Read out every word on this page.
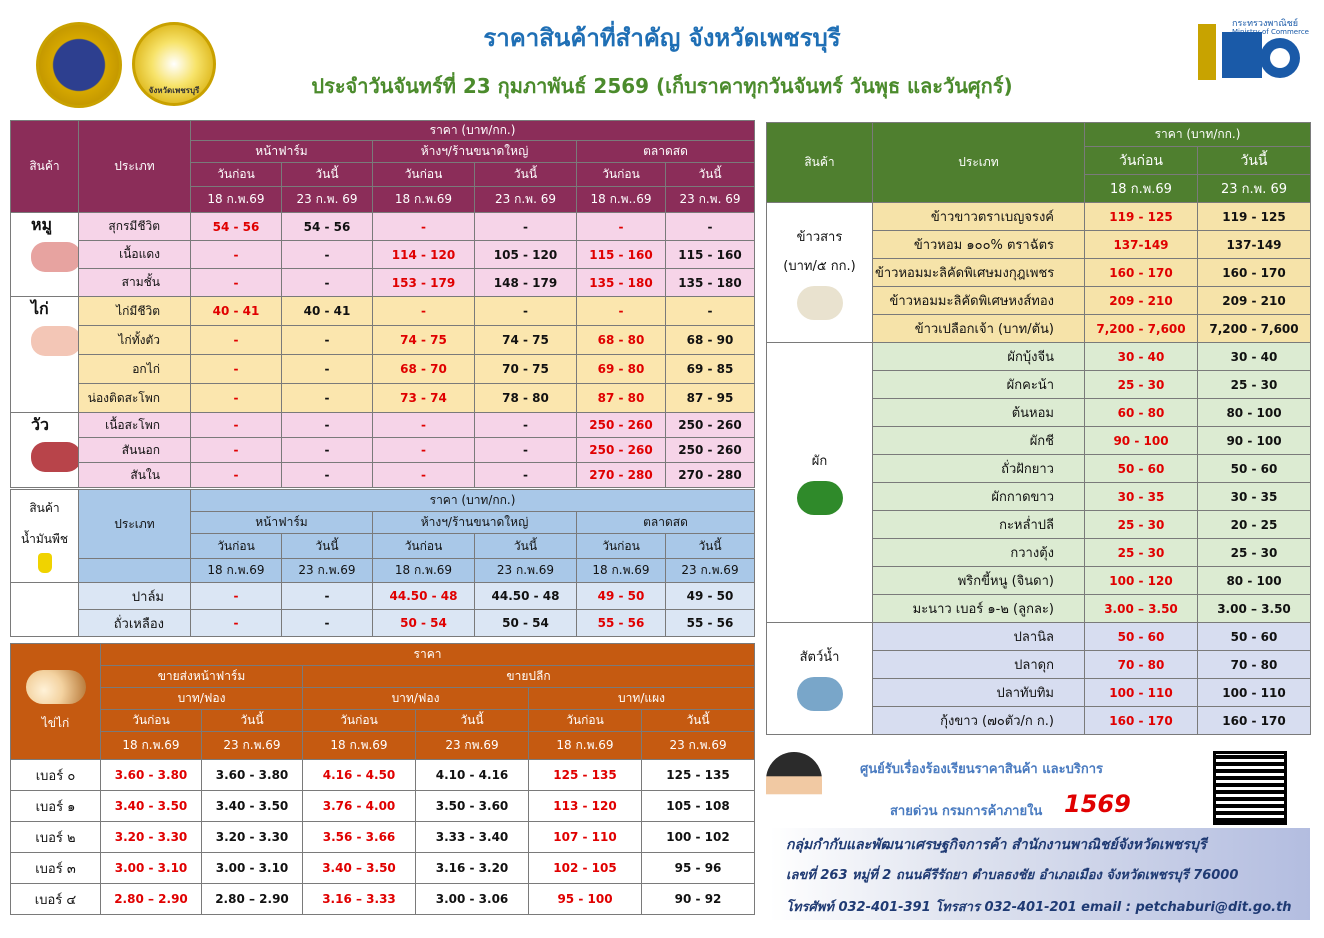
จังหวัดเพชรบุรี
ราคาสินค้าที่สำคัญ จังหวัดเพชรบุรี
ประจำวันจันทร์ที่ 23 กุมภาพันธ์ 2569 (เก็บราคาทุกวันจันทร์ วันพุธ และวันศุกร์)
กระทรวงพาณิชย์
Ministry of Commerce
สินค้า	ประเภท	ราคา (บาท/กก.)					
		หน้าฟาร์ม		ห้างฯ/ร้านขนาดใหญ่		ตลาดสด	
		วันก่อน	วันนี้	วันก่อน	วันนี้	วันก่อน	วันนี้
		18 ก.พ.69	23 ก.พ. 69	18 ก.พ.69	23 ก.พ. 69	18 ก.พ..69	23 ก.พ. 69
หมู	สุกรมีชีวิต	54 - 56	54 - 56	-	-	-	-
	เนื้อแดง	-	-	114 - 120	105 - 120	115 - 160	115 - 160
	สามชั้น	-	-	153 - 179	148 - 179	135 - 180	135 - 180
ไก่	ไก่มีชีวิต	40 - 41	40 - 41	-	-	-	-
	ไก่ทั้งตัว	-	-	74 - 75	74 - 75	68 - 80	68 - 90
	อกไก่	-	-	68 - 70	70 - 75	69 - 80	69 - 85
	น่องติดสะโพก	-	-	73 - 74	78 - 80	87 - 80	87 - 95
วัว	เนื้อสะโพก	-	-	-	-	250 - 260	250 - 260
	สันนอก	-	-	-	-	250 - 260	250 - 260
	สันใน	-	-	-	-	270 - 280	270 - 280
สินค้า
น้ำมันพืช	ประเภท	ราคา (บาท/กก.)					
		หน้าฟาร์ม		ห้างฯ/ร้านขนาดใหญ่		ตลาดสด	
		วันก่อน	วันนี้	วันก่อน	วันนี้	วันก่อน	วันนี้
		18 ก.พ.69	23 ก.พ.69	18 ก.พ.69	23 ก.พ.69	18 ก.พ.69	23 ก.พ.69
	ปาล์ม	-	-	44.50 - 48	44.50 - 48	49 - 50	49 - 50
	ถั่วเหลือง	-	-	50 - 54	50 - 54	55 - 56	55 - 56
ไข่ไก่	ราคา					
	ขายส่งหน้าฟาร์ม		ขายปลีก			
	บาท/ฟอง		บาท/ฟอง		บาท/แผง	
	วันก่อน	วันนี้	วันก่อน	วันนี้	วันก่อน	วันนี้
	18 ก.พ.69	23 ก.พ.69	18 ก.พ.69	23 กพ.69	18 ก.พ.69	23 ก.พ.69
เบอร์ ๐	3.60 - 3.80	3.60 - 3.80	4.16 - 4.50	4.10 - 4.16	125 - 135	125 - 135
เบอร์ ๑	3.40 - 3.50	3.40 - 3.50	3.76 - 4.00	3.50 - 3.60	113 - 120	105 - 108
เบอร์ ๒	3.20 - 3.30	3.20 - 3.30	3.56 - 3.66	3.33 - 3.40	107 - 110	100 - 102
เบอร์ ๓	3.00 - 3.10	3.00 - 3.10	3.40 – 3.50	3.16 - 3.20	102 - 105	95 - 96
เบอร์ ๔	2.80 – 2.90	2.80 – 2.90	3.16 – 3.33	3.00 - 3.06	95 - 100	90 - 92
สินค้า	ประเภท	ราคา (บาท/กก.)	
		วันก่อน	วันนี้
		18 ก.พ.69	23 ก.พ. 69

ข้าวสาร
(บาท/๕ กก.)	ข้าวขาวตราเบญจรงค์	119 - 125	119 - 125
	ข้าวหอม ๑๐๐% ตราฉัตร	137-149	137-149
	ข้าวหอมมะลิคัดพิเศษมงกุฎเพชร	160 - 170	160 - 170
	ข้าวหอมมะลิคัดพิเศษหงส์ทอง	209 - 210	209 - 210
	ข้าวเปลือกเจ้า (บาท/ตัน)	7,200 - 7,600	7,200 - 7,600

ผัก	ผักบุ้งจีน	30 - 40	30 - 40
	ผักคะน้า	25 - 30	25 - 30
	ต้นหอม	60 - 80	80 - 100
	ผักชี	90 - 100	90 - 100
	ถั่วฝักยาว	50 - 60	50 - 60
	ผักกาดขาว	30 - 35	30 - 35
	กะหล่ำปลี	25 - 30	20 - 25
	กวางตุ้ง	25 - 30	25 - 30
	พริกขี้หนู (จินดา)	100 - 120	80 - 100
	มะนาว เบอร์ ๑-๒ (ลูกละ)	3.00 – 3.50	3.00 – 3.50

สัตว์น้ำ	ปลานิล	50 - 60	50 - 60
	ปลาดุก	70 - 80	70 - 80
	ปลาทับทิม	100 - 110	100 - 110
	กุ้งขาว (๗๐ตัว/ก ก.)	160 - 170	160 - 170
ศูนย์รับเรื่องร้องเรียนราคาสินค้า และบริการ
สายด่วน กรมการค้าภายใน 1569
กลุ่มกำกับและพัฒนาเศรษฐกิจการค้า สำนักงานพาณิชย์จังหวัดเพชรบุรี
เลขที่ 263 หมู่ที่ 2 ถนนคีรีรัถยา ตำบลธงชัย อำเภอเมือง จังหวัดเพชรบุรี 76000
โทรศัพท์ 032-401-391 โทรสาร 032-401-201 email : petchaburi@dit.go.th
